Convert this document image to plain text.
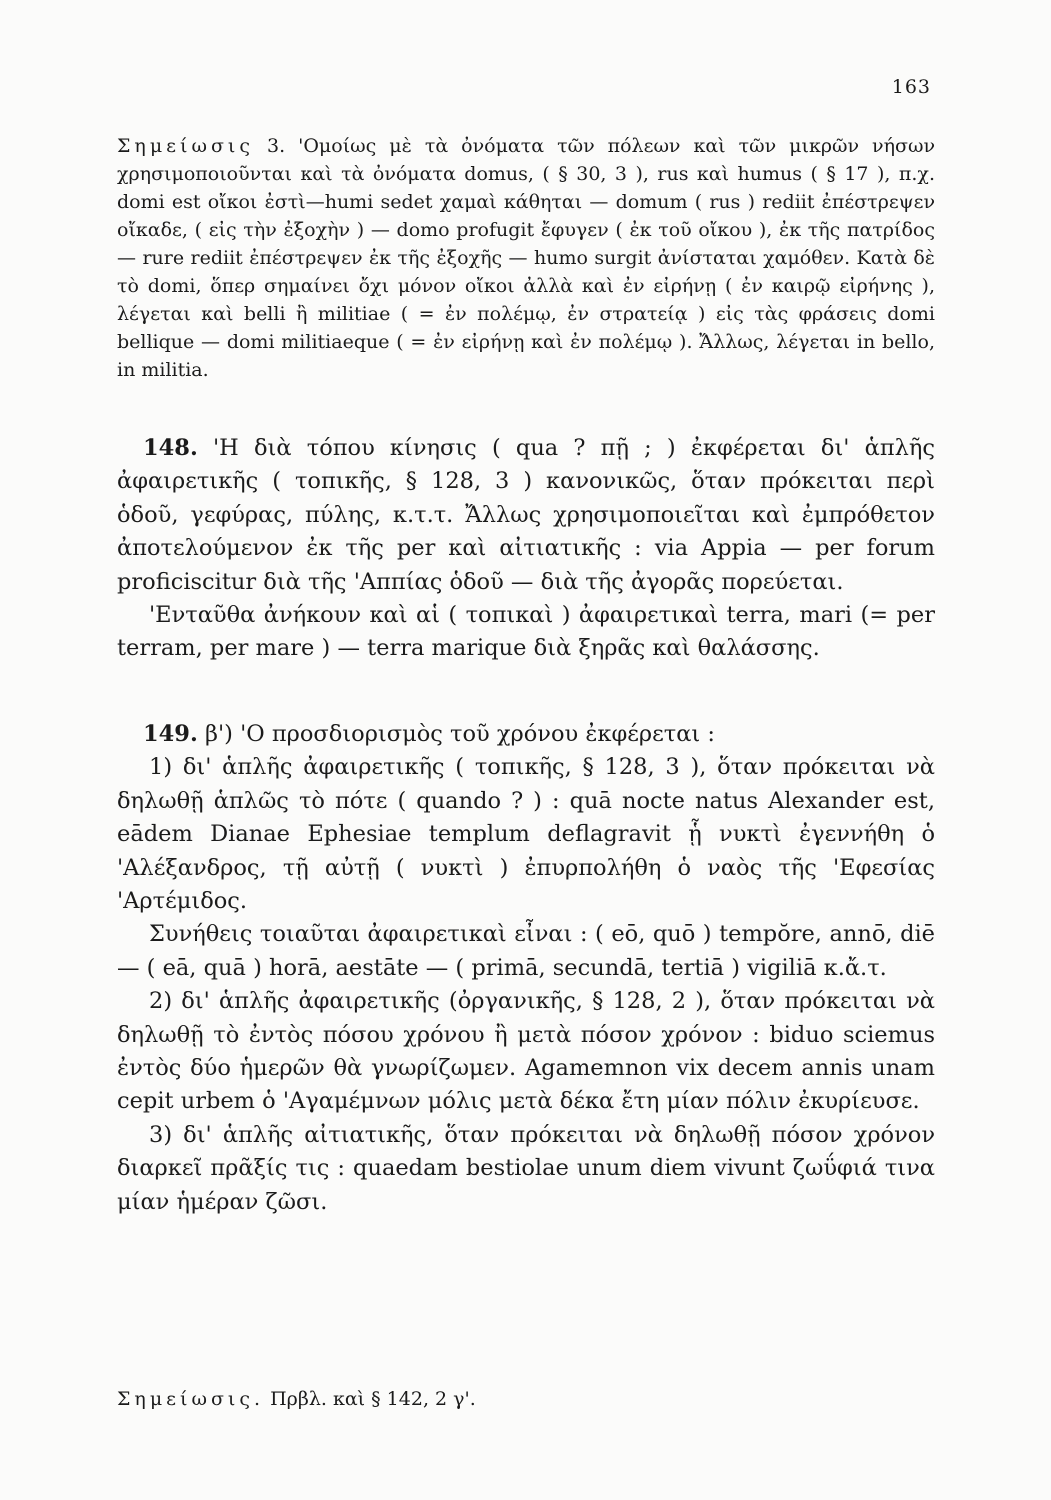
163
Σημείωσις 3. 'Ομοίως μὲ τὰ ὀνόματα τῶν πόλεων καὶ τῶν μικρῶν νήσων χρησιμοποιοῦνται καὶ τὰ ὀνόματα domus, ( § 30, 3 ), rus καὶ humus ( § 17 ), π.χ. domi est οἴκοι ἐστὶ—humi sedet χαμαὶ κάθηται — domum ( rus ) rediit ἐπέστρεψεν οἴκαδε, ( εἰς τὴν ἐξοχὴν ) — domo profugit ἔφυγεν ( ἐκ τοῦ οἴκου ), ἐκ τῆς πατρίδος — rure rediit ἐπέστρεψεν ἐκ τῆς ἐξοχῆς — humo surgit ἀνίσταται χαμόθεν. Κατὰ δὲ τὸ domi, ὅπερ σημαίνει ὄχι μόνον οἴκοι ἀλλὰ καὶ ἐν εἰρήνῃ ( ἐν καιρῷ εἰρήνης ), λέγεται καὶ belli ἢ militiae ( = ἐν πολέμῳ, ἐν στρατείᾳ ) εἰς τὰς φράσεις domi bellique — domi militiaeque ( = ἐν εἰρήνῃ καὶ ἐν πολέμῳ ). Ἄλλως, λέγεται in bello, in militia.

148. 'Η διὰ τόπου κίνησις ( qua ? πῇ ; ) ἐκφέρεται δι' ἁπλῆς ἀφαιρετικῆς ( τοπικῆς, § 128, 3 ) κανονικῶς, ὅταν πρόκειται περὶ ὁδοῦ, γεφύρας, πύλης, κ.τ.τ. Ἄλλως χρησιμοποιεῖται καὶ ἐμπρόθετον ἀποτελούμενον ἐκ τῆς per καὶ αἰτιατικῆς : via Appia — per forum proficiscitur διὰ τῆς 'Αππίας ὁδοῦ — διὰ τῆς ἀγορᾶς πορεύεται.

'Ενταῦθα ἀνήκουν καὶ αἱ ( τοπικαὶ ) ἀφαιρετικαὶ terra, mari (= per terram, per mare ) — terra marique διὰ ξηρᾶς καὶ θαλάσσης.

149. β') 'Ο προσδιορισμὸς τοῦ χρόνου ἐκφέρεται :

1) δι' ἁπλῆς ἀφαιρετικῆς ( τοπικῆς, § 128, 3 ), ὅταν πρόκειται νὰ δηλωθῇ ἁπλῶς τὸ πότε ( quando ? ) : quā nocte natus Alexander est, eādem Dianae Ephesiae templum deflagravit ᾗ νυκτὶ ἐγεννήθη ὁ 'Αλέξανδρος, τῇ αὐτῇ ( νυκτὶ ) ἐπυρπολήθη ὁ ναὸς τῆς 'Εφεσίας 'Αρτέμιδος.

Συνήθεις τοιαῦται ἀφαιρετικαὶ εἶναι : ( eō, quō ) tempŏre, annō, diē — ( eā, quā ) horā, aestāte — ( primā, secundā, tertiā ) vigiliā κ.ἄ.τ.

2) δι' ἁπλῆς ἀφαιρετικῆς (ὀργανικῆς, § 128, 2 ), ὅταν πρόκειται νὰ δηλωθῇ τὸ ἐντὸς πόσου χρόνου ἢ μετὰ πόσον χρόνον : biduo sciemus ἐντὸς δύο ἡμερῶν θὰ γνωρίζωμεν. Agamemnon vix decem annis unam cepit urbem ὁ 'Αγαμέμνων μόλις μετὰ δέκα ἔτη μίαν πόλιν ἐκυρίευσε.

3) δι' ἁπλῆς αἰτιατικῆς, ὅταν πρόκειται νὰ δηλωθῇ πόσον χρόνον διαρκεῖ πρᾶξίς τις : quaedam bestiolae unum diem vivunt ζωΰφιά τινα μίαν ἡμέραν ζῶσι.

Σημείωσις. Πρβλ. καὶ § 142, 2 γ'.
